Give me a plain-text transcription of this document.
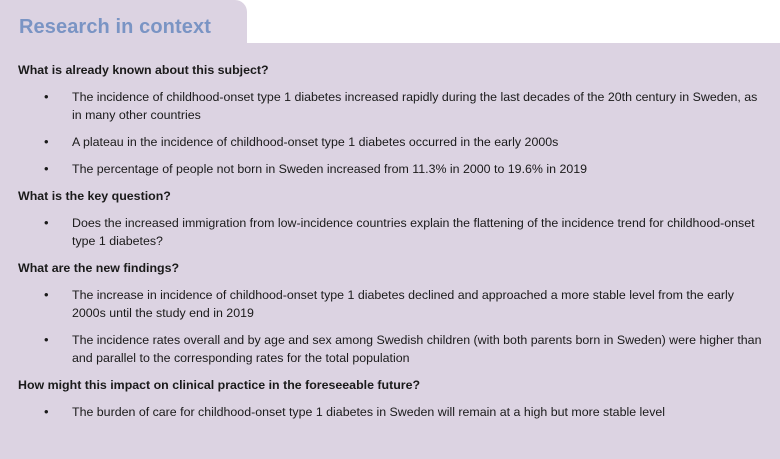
Research in context

What is already known about this subject?

• The incidence of childhood-onset type 1 diabetes increased rapidly during the last decades of the 20th century in Sweden, as in many other countries
• A plateau in the incidence of childhood-onset type 1 diabetes occurred in the early 2000s
• The percentage of people not born in Sweden increased from 11.3% in 2000 to 19.6% in 2019

What is the key question?

• Does the increased immigration from low-incidence countries explain the flattening of the incidence trend for childhood-onset type 1 diabetes?

What are the new findings?

• The increase in incidence of childhood-onset type 1 diabetes declined and approached a more stable level from the early 2000s until the study end in 2019
• The incidence rates overall and by age and sex among Swedish children (with both parents born in Sweden) were higher than and parallel to the corresponding rates for the total population

How might this impact on clinical practice in the foreseeable future?

• The burden of care for childhood-onset type 1 diabetes in Sweden will remain at a high but more stable level
